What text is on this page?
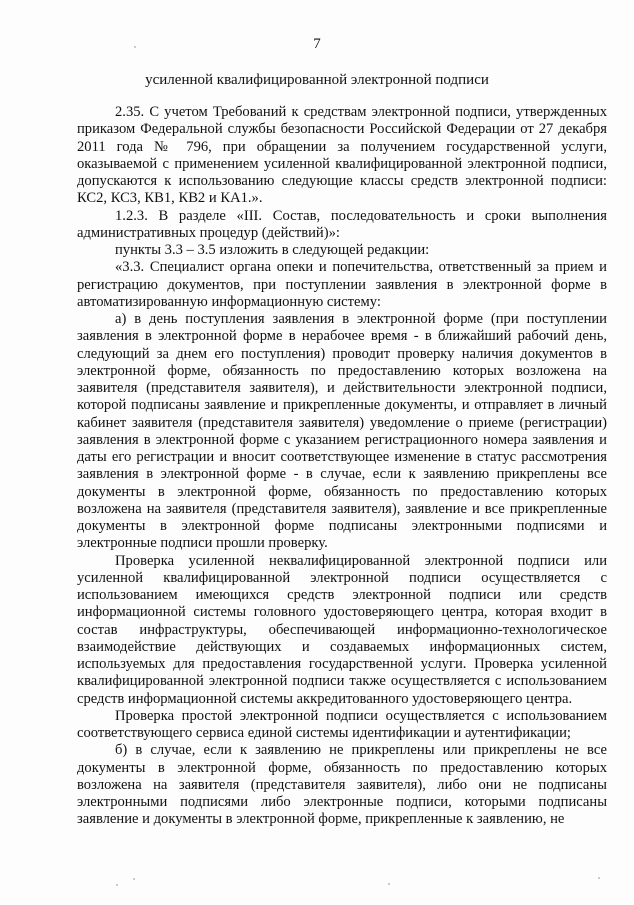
7
усиленной квалифицированной электронной подписи

2.35. С учетом Требований к средствам электронной подписи, утвержденных приказом Федеральной службы безопасности Российской Федерации от 27 декабря 2011 года № 796, при обращении за получением государственной услуги, оказываемой с применением усиленной квалифицированной электронной подписи, допускаются к использованию следующие классы средств электронной подписи: КС2, КС3, КВ1, КВ2 и КА1.».

1.2.3. В разделе «III. Состав, последовательность и сроки выполнения административных процедур (действий)»:

пункты 3.3 – 3.5 изложить в следующей редакции:

«3.3. Специалист органа опеки и попечительства, ответственный за прием и регистрацию документов, при поступлении заявления в электронной форме в автоматизированную информационную систему:

а) в день поступления заявления в электронной форме (при поступлении заявления в электронной форме в нерабочее время - в ближайший рабочий день, следующий за днем его поступления) проводит проверку наличия документов в электронной форме, обязанность по предоставлению которых возложена на заявителя (представителя заявителя), и действительности электронной подписи, которой подписаны заявление и прикрепленные документы, и отправляет в личный кабинет заявителя (представителя заявителя) уведомление о приеме (регистрации) заявления в электронной форме с указанием регистрационного номера заявления и даты его регистрации и вносит соответствующее изменение в статус рассмотрения заявления в электронной форме - в случае, если к заявлению прикреплены все документы в электронной форме, обязанность по предоставлению которых возложена на заявителя (представителя заявителя), заявление и все прикрепленные документы в электронной форме подписаны электронными подписями и электронные подписи прошли проверку.

Проверка усиленной неквалифицированной электронной подписи или усиленной квалифицированной электронной подписи осуществляется с использованием имеющихся средств электронной подписи или средств информационной системы головного удостоверяющего центра, которая входит в состав инфраструктуры, обеспечивающей информационно-технологическое взаимодействие действующих и создаваемых информационных систем, используемых для предоставления государственной услуги. Проверка усиленной квалифицированной электронной подписи также осуществляется с использованием средств информационной системы аккредитованного удостоверяющего центра.

Проверка простой электронной подписи осуществляется с использованием соответствующего сервиса единой системы идентификации и аутентификации;

б) в случае, если к заявлению не прикреплены или прикреплены не все документы в электронной форме, обязанность по предоставлению которых возложена на заявителя (представителя заявителя), либо они не подписаны электронными подписями либо электронные подписи, которыми подписаны заявление и документы в электронной форме, прикрепленные к заявлению, не
